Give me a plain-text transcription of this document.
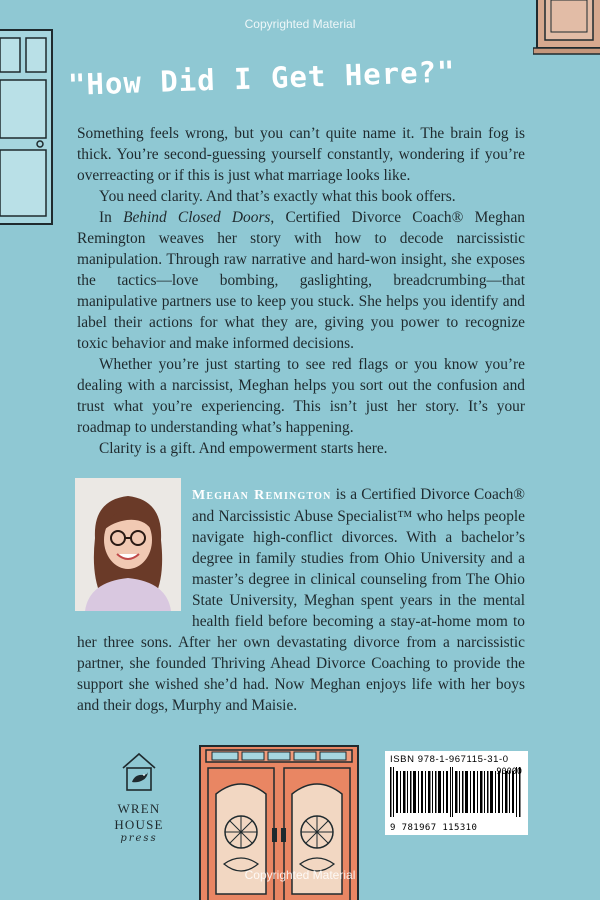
Copyrighted Material
"How Did I Get Here?"

Something feels wrong, but you can’t quite name it. The brain fog is thick. You’re second-guessing yourself constantly, wondering if you’re overreacting or if this is just what marriage looks like.

You need clarity. And that’s exactly what this book offers.

In Behind Closed Doors, Certified Divorce Coach® Meghan Remington weaves her story with how to decode narcissistic manipulation. Through raw narrative and hard-won insight, she exposes the tactics—love bombing, gaslighting, breadcrumbing—that manipulative partners use to keep you stuck. She helps you identify and label their actions for what they are, giving you power to recognize toxic behavior and make informed decisions.

Whether you’re just starting to see red flags or you know you’re dealing with a narcissist, Meghan helps you sort out the confusion and trust what you’re experiencing. This isn’t just her story. It’s your roadmap to understanding what’s happening.

Clarity is a gift. And empowerment starts here.

Meghan Remington is a Certified Divorce Coach® and Narcissistic Abuse Specialist™ who helps people navigate high-conflict divorces. With a bachelor’s degree in family studies from Ohio University and a master’s degree in clinical counseling from The Ohio State University, Meghan spent years in the mental health field before becoming a stay-at-home mom to her three sons. After her own devastating divorce from a narcissistic partner, she founded Thriving Ahead Divorce Coaching to provide the support she wished she’d had. Now Meghan enjoys life with her boys and their dogs, Murphy and Maisie.
WREN HOUSE
press
ISBN 978-1-967115-31-0
90000
9 781967 115310
Copyrighted Material
